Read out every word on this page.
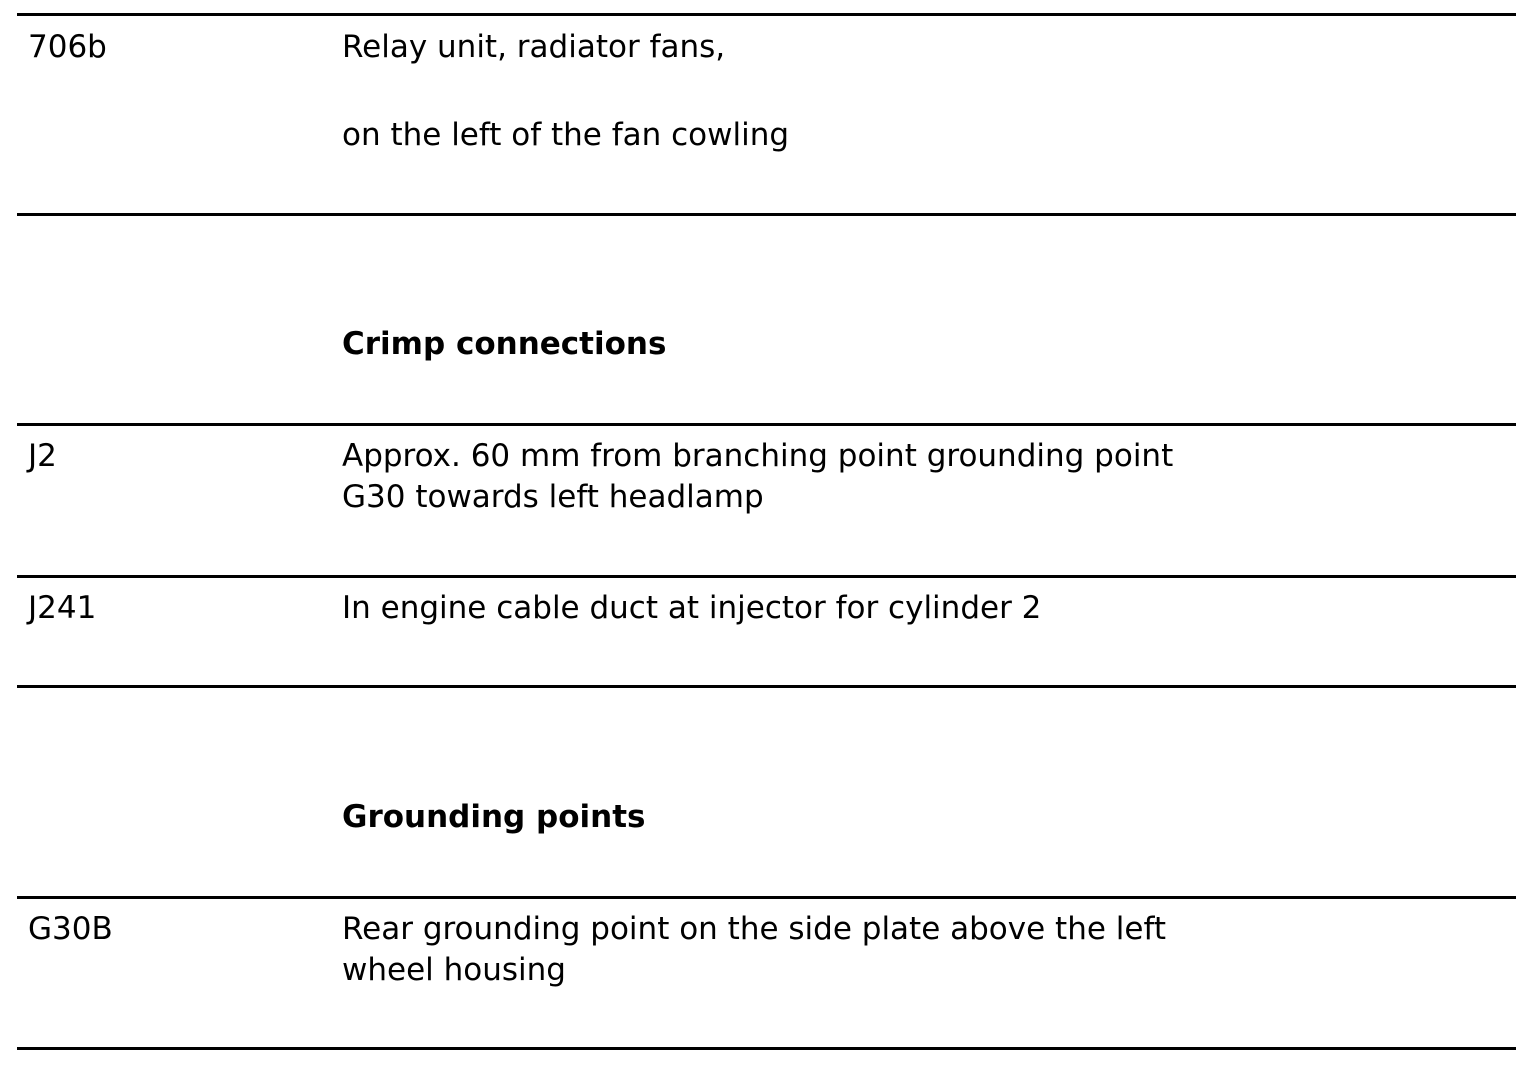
706b	Relay unit, radiator fans,
on the left of the fan cowling
Crimp connections
J2	Approx. 60 mm from branching point grounding point
G30 towards left headlamp
J241	In engine cable duct at injector for cylinder 2
Grounding points
G30B	Rear grounding point on the side plate above the left
wheel housing
